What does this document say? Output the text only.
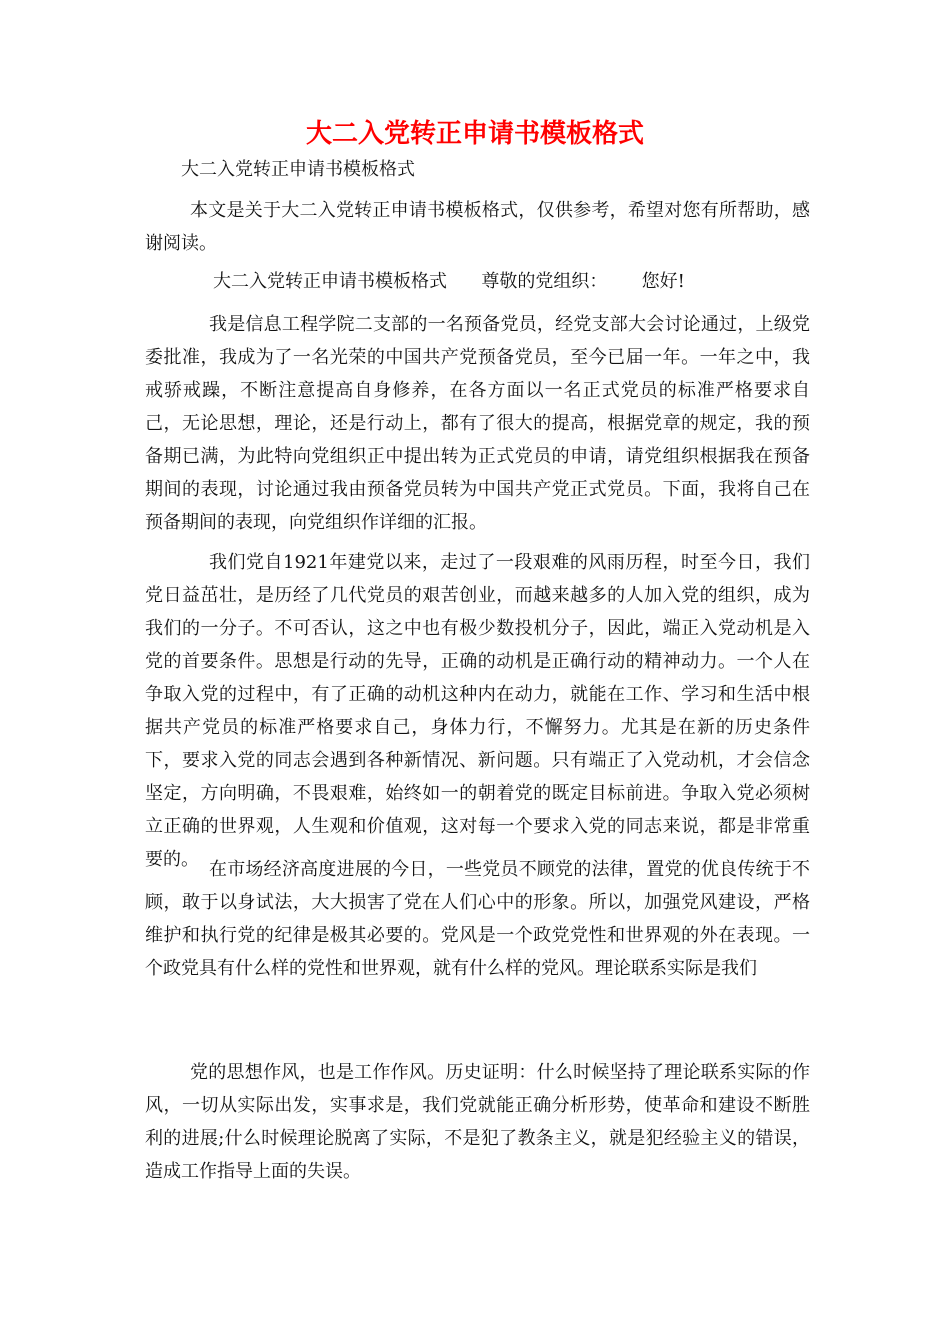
大二入党转正申请书模板格式

大二入党转正申请书模板格式

本文是关于大二入党转正申请书模板格式，仅供参考，希望对您有所帮助，感谢阅读。

大二入党转正申请书模板格式      尊敬的党组织：      您好!

我是信息工程学院二支部的一名预备党员，经党支部大会讨论通过，上级党委批准，我成为了一名光荣的中国共产党预备党员，至今已届一年。一年之中，我戒骄戒躁，不断注意提高自身修养，在各方面以一名正式党员的标准严格要求自己，无论思想，理论，还是行动上，都有了很大的提高，根据党章的规定，我的预备期已满，为此特向党组织正中提出转为正式党员的申请，请党组织根据我在预备期间的表现，讨论通过我由预备党员转为中国共产党正式党员。下面，我将自己在预备期间的表现，向党组织作详细的汇报。

我们党自1921年建党以来，走过了一段艰难的风雨历程，时至今日，我们党日益茁壮，是历经了几代党员的艰苦创业，而越来越多的人加入党的组织，成为我们的一分子。不可否认，这之中也有极少数投机分子，因此，端正入党动机是入党的首要条件。思想是行动的先导，正确的动机是正确行动的精神动力。一个人在争取入党的过程中，有了正确的动机这种内在动力，就能在工作、学习和生活中根据共产党员的标准严格要求自己，身体力行，不懈努力。尤其是在新的历史条件下，要求入党的同志会遇到各种新情况、新问题。只有端正了入党动机，才会信念坚定，方向明确，不畏艰难，始终如一的朝着党的既定目标前进。争取入党必须树立正确的世界观，人生观和价值观，这对每一个要求入党的同志来说，都是非常重要的。 在市场经济高度进展的今日，一些党员不顾党的法律，置党的优良传统于不顾，敢于以身试法，大大损害了党在人们心中的形象。所以，加强党风建设，严格维护和执行党的纪律是极其必要的。党风是一个政党党性和世界观的外在表现。一个政党具有什么样的党性和世界观，就有什么样的党风。理论联系实际是我们

党的思想作风，也是工作作风。历史证明：什么时候坚持了理论联系实际的作风，一切从实际出发，实事求是，我们党就能正确分析形势，使革命和建设不断胜利的进展;什么时候理论脱离了实际，不是犯了教条主义，就是犯经验主义的错误，造成工作指导上面的失误。
